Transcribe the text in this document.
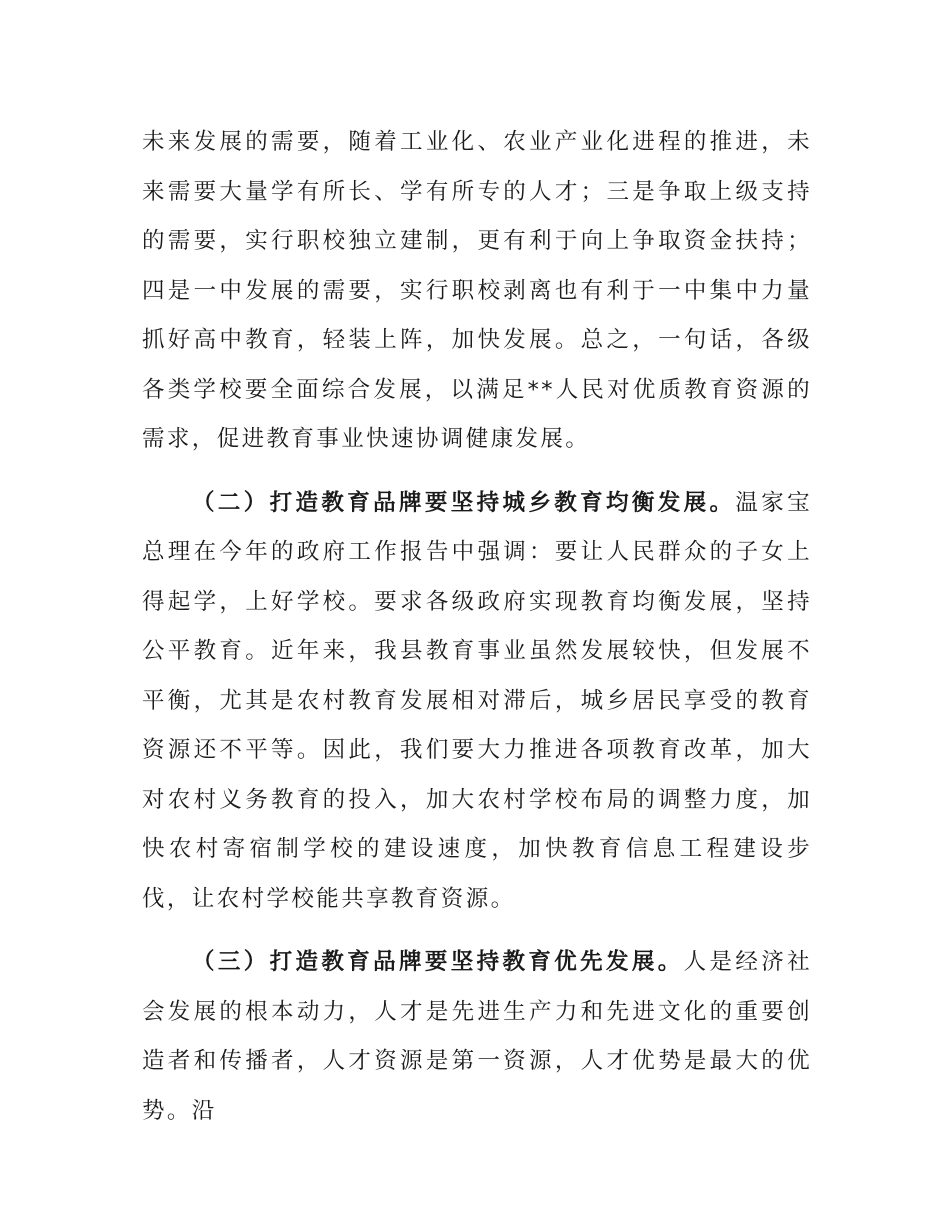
未来发展的需要，随着工业化、农业产业化进程的推进，未来需要大量学有所长、学有所专的人才；三是争取上级支持的需要，实行职校独立建制，更有利于向上争取资金扶持；四是一中发展的需要，实行职校剥离也有利于一中集中力量抓好高中教育，轻装上阵，加快发展。总之，一句话，各级各类学校要全面综合发展，以满足**人民对优质教育资源的需求，促进教育事业快速协调健康发展。

（二）打造教育品牌要坚持城乡教育均衡发展。温家宝总理在今年的政府工作报告中强调：要让人民群众的子女上得起学，上好学校。要求各级政府实现教育均衡发展，坚持公平教育。近年来，我县教育事业虽然发展较快，但发展不平衡，尤其是农村教育发展相对滞后，城乡居民享受的教育资源还不平等。因此，我们要大力推进各项教育改革，加大对农村义务教育的投入，加大农村学校布局的调整力度，加快农村寄宿制学校的建设速度，加快教育信息工程建设步伐，让农村学校能共享教育资源。

（三）打造教育品牌要坚持教育优先发展。人是经济社会发展的根本动力，人才是先进生产力和先进文化的重要创造者和传播者，人才资源是第一资源，人才优势是最大的优势。沿
